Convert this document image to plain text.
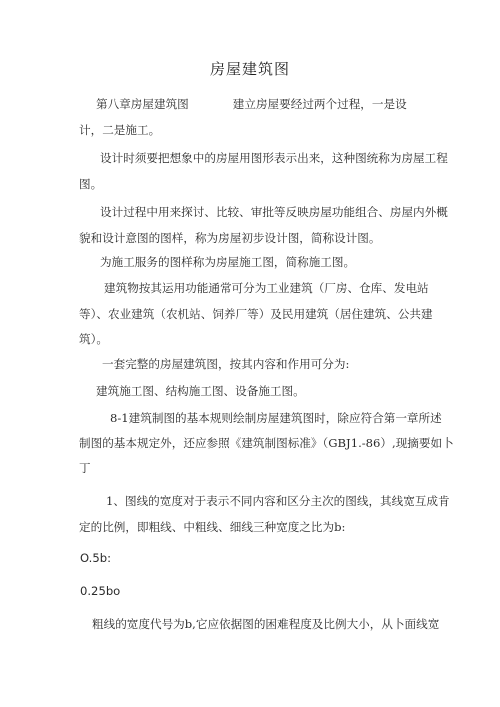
房屋建筑图
第八章房屋建筑图	建立房屋要经过两个过程，一是设
计，二是施工。
设计时须要把想象中的房屋用图形表示出来，这种图统称为房屋工程
图。
设计过程中用来探讨、比较、审批等反映房屋功能组合、房屋内外概
貌和设计意图的图样，称为房屋初步设计图，简称设计图。
为施工服务的图样称为房屋施工图，简称施工图。
建筑物按其运用功能通常可分为工业建筑（厂房、仓库、发电站
等）、农业建筑（农机站、饲养厂等）及民用建筑（居住建筑、公共建
筑）。
一套完整的房屋建筑图，按其内容和作用可分为:
建筑施工图、结构施工图、设备施工图。
8-1建筑制图的基本规则绘制房屋建筑图时，除应符合第一章所述
制图的基本规定外，还应参照《建筑制图标准》（GBJ1.-86）,现摘要如卜
丁
1、图线的宽度对于表示不同内容和区分主次的图线，其线宽互成肯
定的比例，即粗线、中粗线、细线三种宽度之比为b:
O.5b:
0.25bo
粗线的宽度代号为b,它应依据图的困难程度及比例大小，从卜面线宽
